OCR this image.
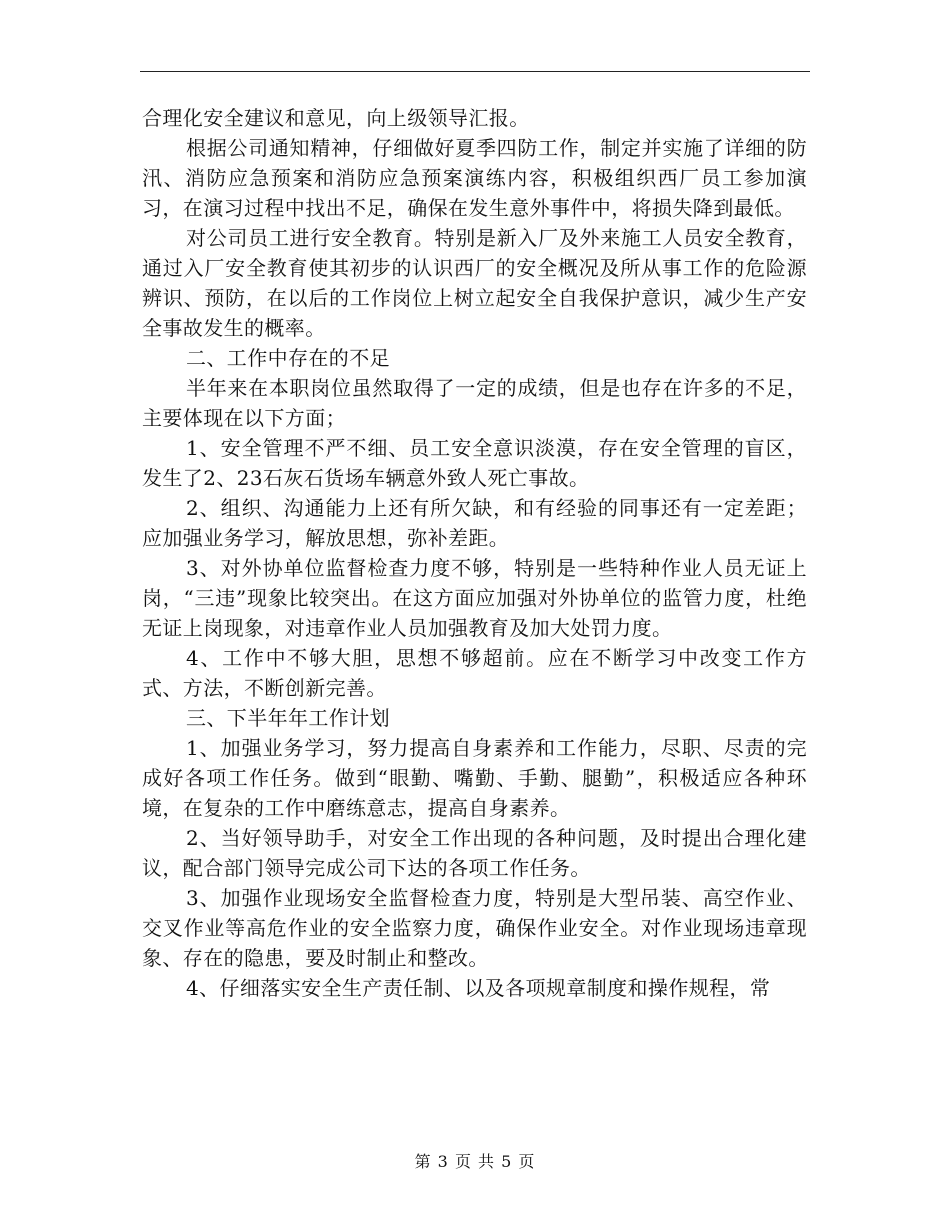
合理化安全建议和意见，向上级领导汇报。

根据公司通知精神，仔细做好夏季四防工作，制定并实施了详细的防汛、消防应急预案和消防应急预案演练内容，积极组织西厂员工参加演习，在演习过程中找出不足，确保在发生意外事件中，将损失降到最低。

对公司员工进行安全教育。特别是新入厂及外来施工人员安全教育，通过入厂安全教育使其初步的认识西厂的安全概况及所从事工作的危险源辨识、预防，在以后的工作岗位上树立起安全自我保护意识，减少生产安全事故发生的概率。

二、工作中存在的不足

半年来在本职岗位虽然取得了一定的成绩，但是也存在许多的不足，主要体现在以下方面；

1、安全管理不严不细、员工安全意识淡漠，存在安全管理的盲区，发生了2、23石灰石货场车辆意外致人死亡事故。

2、组织、沟通能力上还有所欠缺，和有经验的同事还有一定差距；应加强业务学习，解放思想，弥补差距。

3、对外协单位监督检查力度不够，特别是一些特种作业人员无证上岗，“三违”现象比较突出。在这方面应加强对外协单位的监管力度，杜绝无证上岗现象，对违章作业人员加强教育及加大处罚力度。

4、工作中不够大胆，思想不够超前。应在不断学习中改变工作方式、方法，不断创新完善。

三、下半年年工作计划

1、加强业务学习，努力提高自身素养和工作能力，尽职、尽责的完成好各项工作任务。做到“眼勤、嘴勤、手勤、腿勤”，积极适应各种环境，在复杂的工作中磨练意志，提高自身素养。

2、当好领导助手，对安全工作出现的各种问题，及时提出合理化建议，配合部门领导完成公司下达的各项工作任务。

3、加强作业现场安全监督检查力度，特别是大型吊装、高空作业、交叉作业等高危作业的安全监察力度，确保作业安全。对作业现场违章现象、存在的隐患，要及时制止和整改。

4、仔细落实安全生产责任制、以及各项规章制度和操作规程，常

第 3 页 共 5 页
